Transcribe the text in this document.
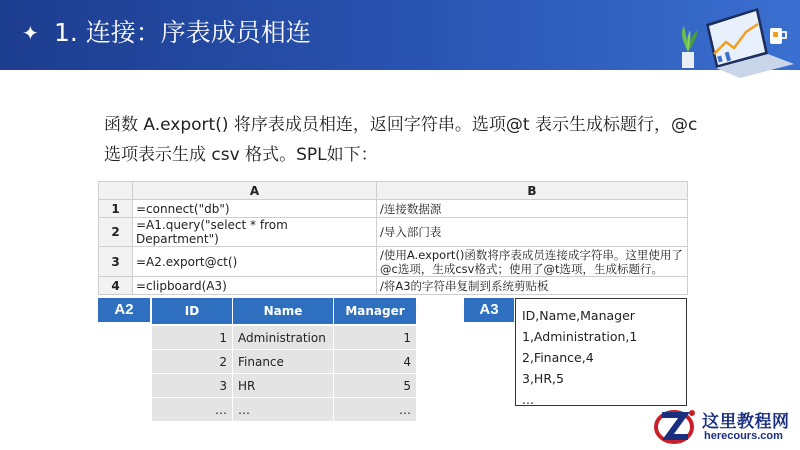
✦ 1. 连接：序表成员相连
函数 A.export() 将序表成员相连，返回字符串。选项@t 表示生成标题行，@c
选项表示生成 csv 格式。SPL如下：
	A	B
1	=connect("db")	/连接数据源
2	=A1.query("select * from Department")	/导入部门表
3	=A2.export@ct()	/使用A.export()函数将序表成员连接成字符串。这里使用了@c选项，生成csv格式；使用了@t选项，生成标题行。
4	=clipboard(A3)	/将A3的字符串复制到系统剪贴板
A2	ID	Name	Manager
1	Administration	1
2	Finance	4
3	HR	5
…	…	…
A3	ID,Name,Manager
1,Administration,1
2,Finance,4
3,HR,5
...
这里教程网
herecours.com
